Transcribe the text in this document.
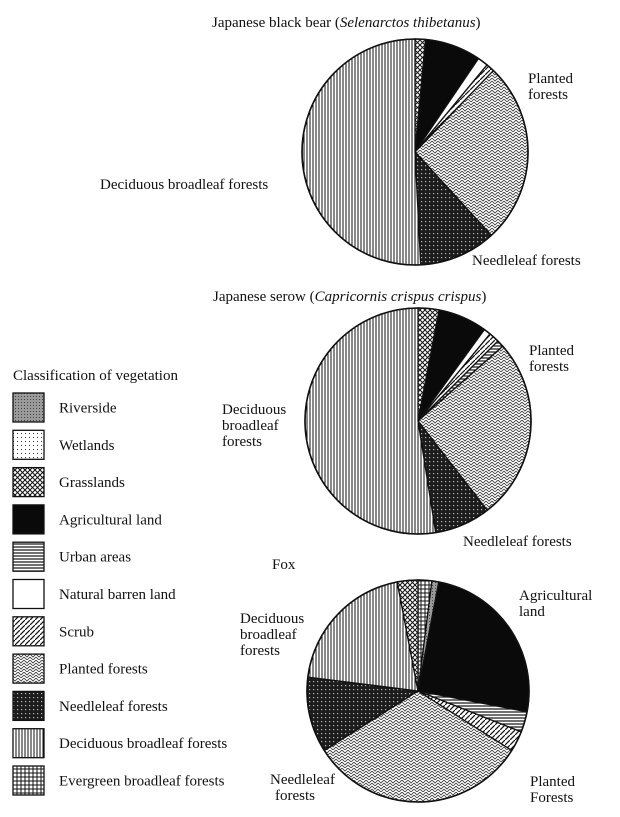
Classification of vegetation
Riverside
Wetlands
Grasslands
Agricultural land
Urban areas
Natural barren land
Scrub
Planted forests
Needleleaf forests
Deciduous broadleaf forests
Evergreen broadleaf forests
Japanese black bear (Selenarctos thibetanus)
Deciduous broadleaf forests
Planted forests
Needleleaf forests
Japanese serow (Capricornis crispus crispus)
Deciduous broadleaf forests
Planted forests
Needleleaf forests
Fox
Agricultural land
Deciduous broadleaf forests
Needleleaf forests
Planted Forests
